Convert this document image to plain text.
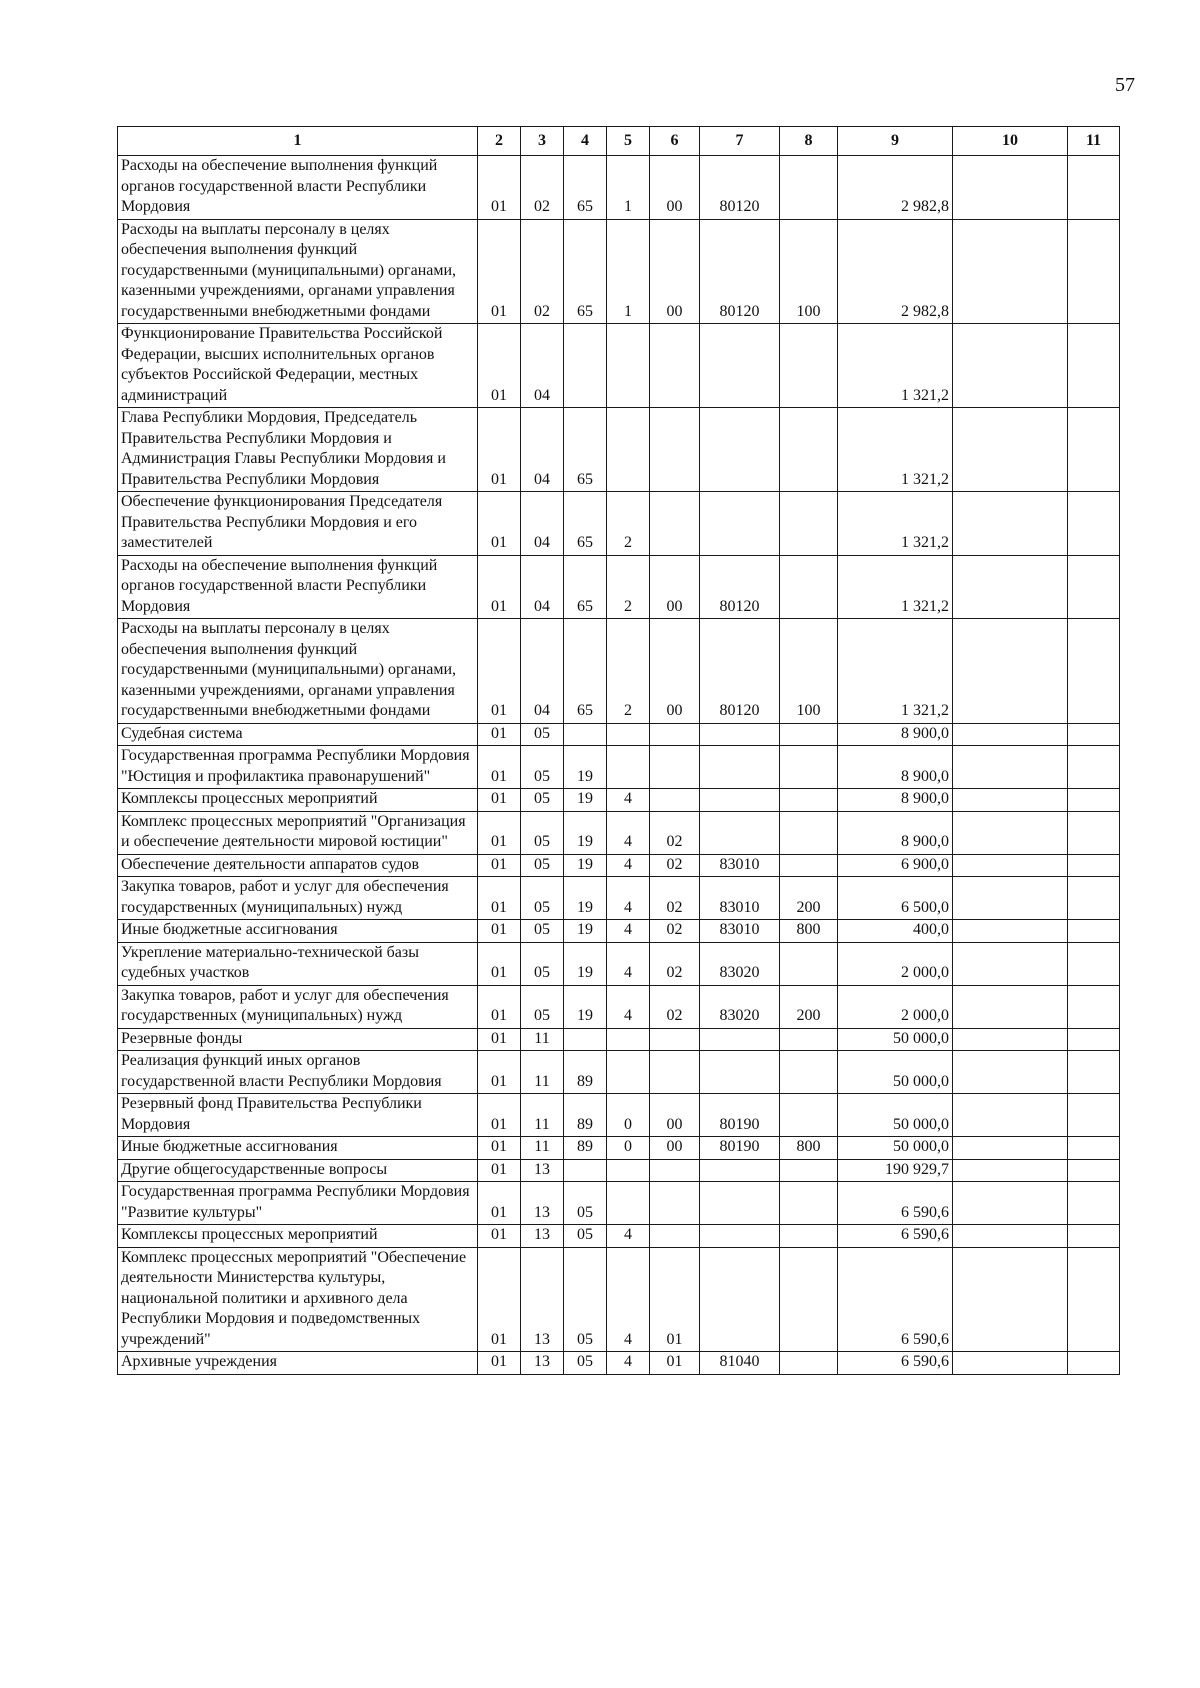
57
1	2	3	4	5	6	7	8	9	10	11
Расходы на обеспечение выполнения функций органов государственной власти Республики Мордовия	01	02	65	1	00	80120		2 982,8		
Расходы на выплаты персоналу в целях обеспечения выполнения функций государственными (муниципальными) органами, казенными учреждениями, органами управления государственными внебюджетными фондами	01	02	65	1	00	80120	100	2 982,8		
Функционирование Правительства Российской Федерации, высших исполнительных органов субъектов Российской Федерации, местных администраций	01	04						1 321,2		
Глава Республики Мордовия, Председатель Правительства Республики Мордовия и Администрация Главы Республики Мордовия и Правительства Республики Мордовия	01	04	65					1 321,2		
Обеспечение функционирования Председателя Правительства Республики Мордовия и его заместителей	01	04	65	2				1 321,2		
Расходы на обеспечение выполнения функций органов государственной власти Республики Мордовия	01	04	65	2	00	80120		1 321,2		
Расходы на выплаты персоналу в целях обеспечения выполнения функций государственными (муниципальными) органами, казенными учреждениями, органами управления государственными внебюджетными фондами	01	04	65	2	00	80120	100	1 321,2		
Судебная система	01	05						8 900,0		
Государственная программа Республики Мордовия "Юстиция и профилактика правонарушений"	01	05	19					8 900,0		
Комплексы процессных мероприятий	01	05	19	4				8 900,0		
Комплекс процессных мероприятий "Организация и обеспечение деятельности мировой юстиции"	01	05	19	4	02			8 900,0		
Обеспечение деятельности аппаратов судов	01	05	19	4	02	83010		6 900,0		
Закупка товаров, работ и услуг для обеспечения государственных (муниципальных) нужд	01	05	19	4	02	83010	200	6 500,0		
Иные бюджетные ассигнования	01	05	19	4	02	83010	800	400,0		
Укрепление материально-технической базы судебных участков	01	05	19	4	02	83020		2 000,0		
Закупка товаров, работ и услуг для обеспечения государственных (муниципальных) нужд	01	05	19	4	02	83020	200	2 000,0		
Резервные фонды	01	11						50 000,0		
Реализация функций иных органов государственной власти Республики Мордовия	01	11	89					50 000,0		
Резервный фонд Правительства Республики Мордовия	01	11	89	0	00	80190		50 000,0		
Иные бюджетные ассигнования	01	11	89	0	00	80190	800	50 000,0		
Другие общегосударственные вопросы	01	13						190 929,7		
Государственная программа Республики Мордовия "Развитие культуры"	01	13	05					6 590,6		
Комплексы процессных мероприятий	01	13	05	4				6 590,6		
Комплекс процессных мероприятий "Обеспечение деятельности Министерства культуры, национальной политики и архивного дела Республики Мордовия и подведомственных учреждений"	01	13	05	4	01			6 590,6		
Архивные учреждения	01	13	05	4	01	81040		6 590,6		
